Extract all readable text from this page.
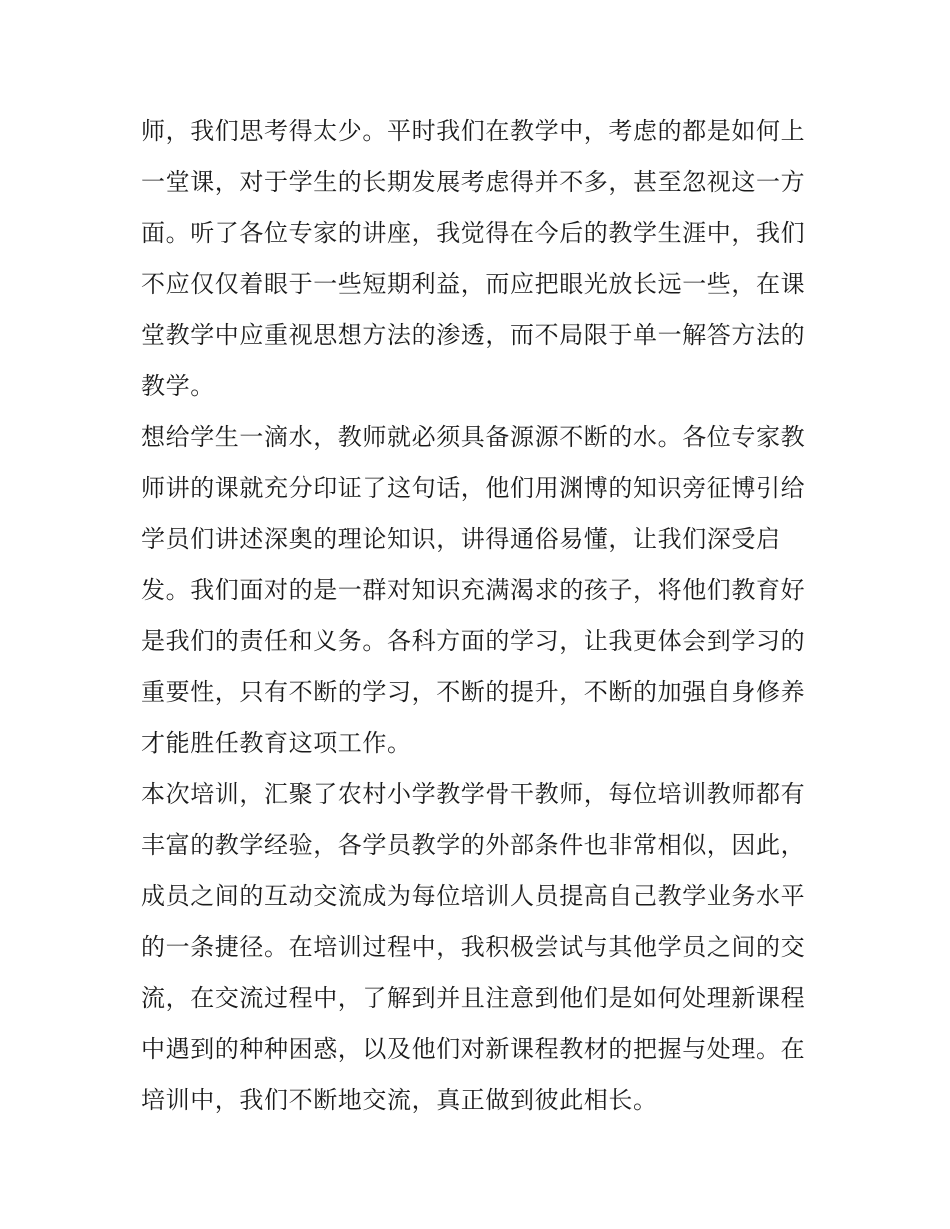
师，我们思考得太少。平时我们在教学中，考虑的都是如何上
一堂课，对于学生的长期发展考虑得并不多，甚至忽视这一方
面。听了各位专家的讲座，我觉得在今后的教学生涯中，我们
不应仅仅着眼于一些短期利益，而应把眼光放长远一些，在课
堂教学中应重视思想方法的渗透，而不局限于单一解答方法的
教学。
想给学生一滴水，教师就必须具备源源不断的水。各位专家教
师讲的课就充分印证了这句话，他们用渊博的知识旁征博引给
学员们讲述深奥的理论知识，讲得通俗易懂，让我们深受启
发。我们面对的是一群对知识充满渴求的孩子，将他们教育好
是我们的责任和义务。各科方面的学习，让我更体会到学习的
重要性，只有不断的学习，不断的提升，不断的加强自身修养
才能胜任教育这项工作。
本次培训，汇聚了农村小学教学骨干教师，每位培训教师都有
丰富的教学经验，各学员教学的外部条件也非常相似，因此，
成员之间的互动交流成为每位培训人员提高自己教学业务水平
的一条捷径。在培训过程中，我积极尝试与其他学员之间的交
流，在交流过程中，了解到并且注意到他们是如何处理新课程
中遇到的种种困惑，以及他们对新课程教材的把握与处理。在
培训中，我们不断地交流，真正做到彼此相长。
